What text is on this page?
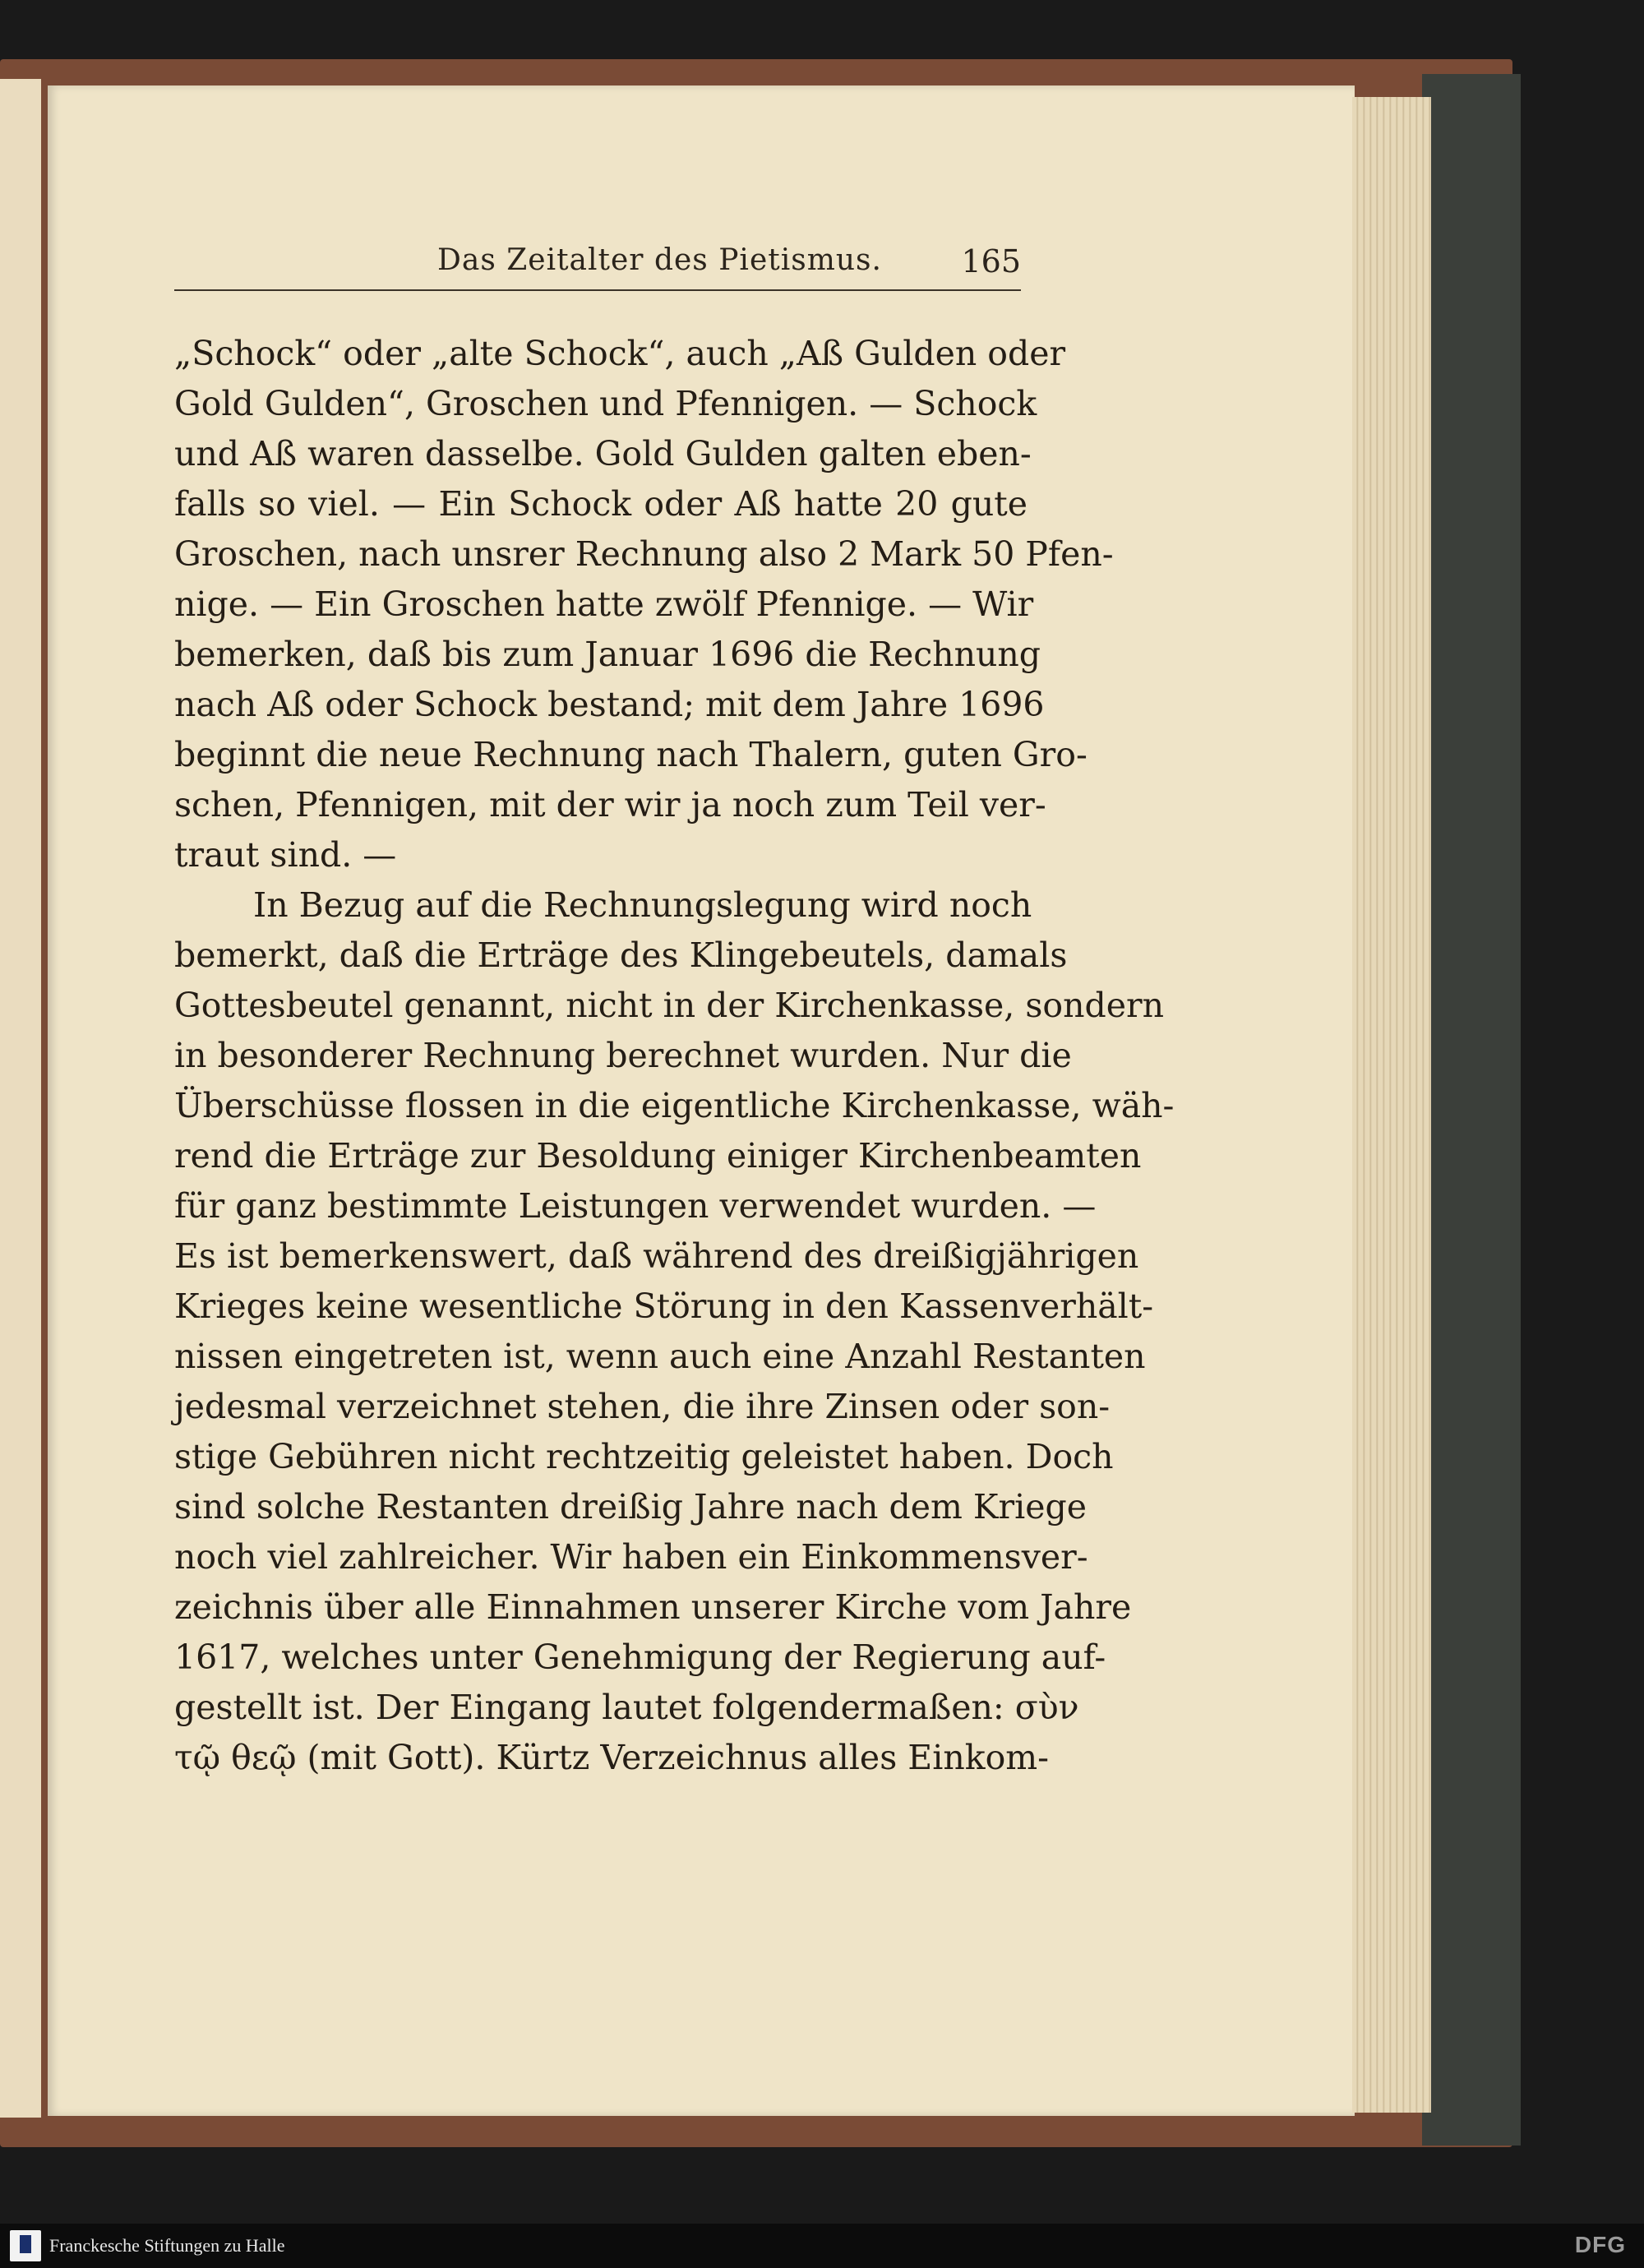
Das Zeitalter des Pietismus.	165
„Schock“ oder „alte Schock“, auch „Aß Gulden oder
Gold Gulden“, Groschen und Pfennigen. — Schock
und Aß waren dasselbe. Gold Gulden galten eben-
falls so viel. — Ein Schock oder Aß hatte 20 gute
Groschen, nach unsrer Rechnung also 2 Mark 50 Pfen-
nige. — Ein Groschen hatte zwölf Pfennige. — Wir
bemerken, daß bis zum Januar 1696 die Rechnung
nach Aß oder Schock bestand; mit dem Jahre 1696
beginnt die neue Rechnung nach Thalern, guten Gro-
schen, Pfennigen, mit der wir ja noch zum Teil ver-
traut sind. —
In Bezug auf die Rechnungslegung wird noch
bemerkt, daß die Erträge des Klingebeutels, damals
Gottesbeutel genannt, nicht in der Kirchenkasse, sondern
in besonderer Rechnung berechnet wurden. Nur die
Überschüsse flossen in die eigentliche Kirchenkasse, wäh-
rend die Erträge zur Besoldung einiger Kirchenbeamten
für ganz bestimmte Leistungen verwendet wurden. —
Es ist bemerkenswert, daß während des dreißigjährigen
Krieges keine wesentliche Störung in den Kassenverhält-
nissen eingetreten ist, wenn auch eine Anzahl Restanten
jedesmal verzeichnet stehen, die ihre Zinsen oder son-
stige Gebühren nicht rechtzeitig geleistet haben. Doch
sind solche Restanten dreißig Jahre nach dem Kriege
noch viel zahlreicher. Wir haben ein Einkommensver-
zeichnis über alle Einnahmen unserer Kirche vom Jahre
1617, welches unter Genehmigung der Regierung auf-
gestellt ist. Der Eingang lautet folgendermaßen: σὺν
τῷ θεῷ (mit Gott). Kürtz Verzeichnus alles Einkom-
Franckesche Stiftungen zu Halle	DFG
